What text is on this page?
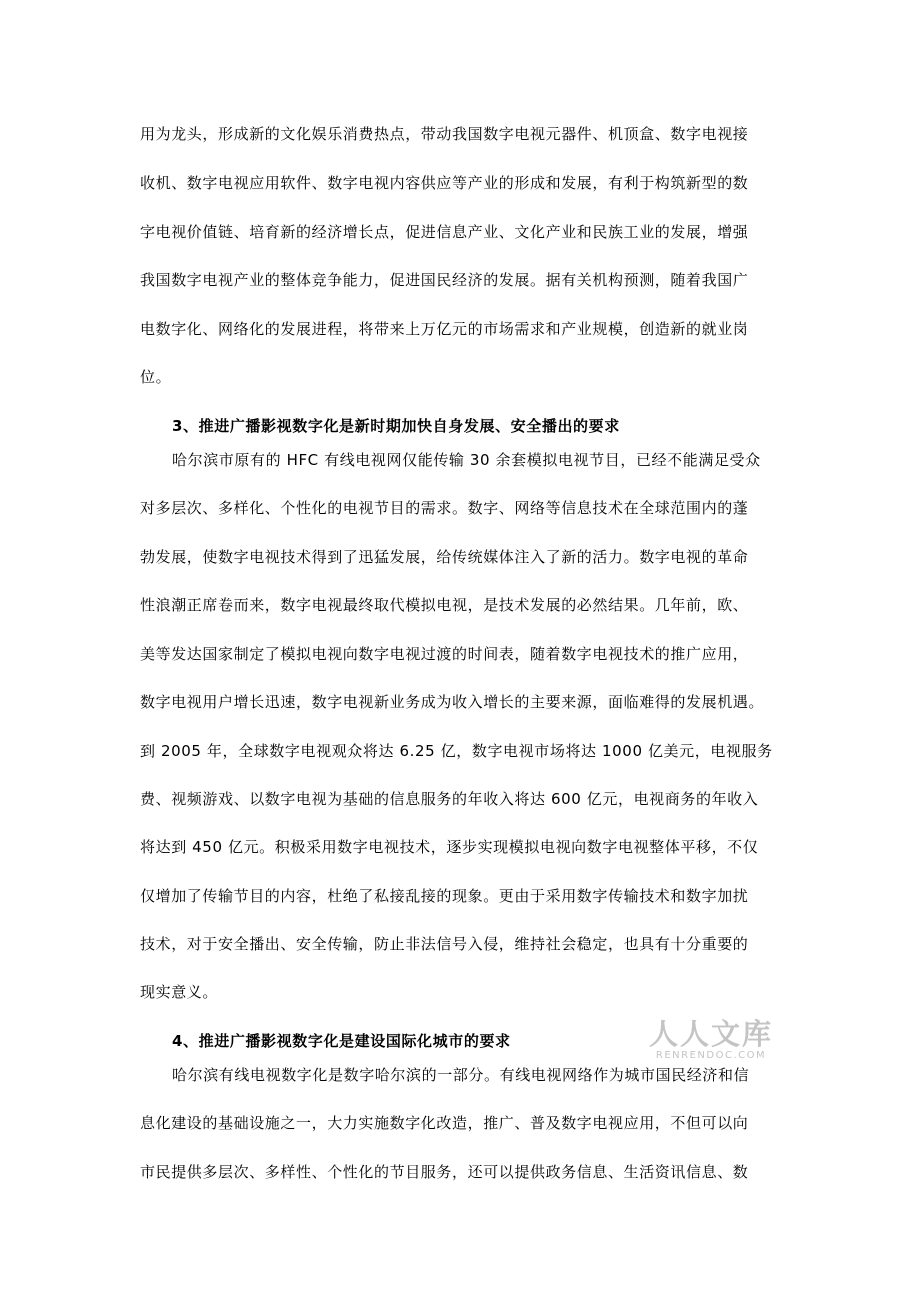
用为龙头，形成新的文化娱乐消费热点，带动我国数字电视元器件、机顶盒、数字电视接
收机、数字电视应用软件、数字电视内容供应等产业的形成和发展，有利于构筑新型的数
字电视价值链、培育新的经济增长点，促进信息产业、文化产业和民族工业的发展，增强
我国数字电视产业的整体竞争能力，促进国民经济的发展。据有关机构预测，随着我国广
电数字化、网络化的发展进程，将带来上万亿元的市场需求和产业规模，创造新的就业岗
位。
3、推进广播影视数字化是新时期加快自身发展、安全播出的要求
哈尔滨市原有的 HFC 有线电视网仅能传输 30 余套模拟电视节目，已经不能满足受众
对多层次、多样化、个性化的电视节目的需求。数字、网络等信息技术在全球范围内的蓬
勃发展，使数字电视技术得到了迅猛发展，给传统媒体注入了新的活力。数字电视的革命
性浪潮正席卷而来，数字电视最终取代模拟电视，是技术发展的必然结果。几年前，欧、
美等发达国家制定了模拟电视向数字电视过渡的时间表，随着数字电视技术的推广应用，
数字电视用户增长迅速，数字电视新业务成为收入增长的主要来源，面临难得的发展机遇。
到 2005 年，全球数字电视观众将达 6.25 亿，数字电视市场将达 1000 亿美元，电视服务
费、视频游戏、以数字电视为基础的信息服务的年收入将达 600 亿元，电视商务的年收入
将达到 450 亿元。积极采用数字电视技术，逐步实现模拟电视向数字电视整体平移，不仅
仅增加了传输节目的内容，杜绝了私接乱接的现象。更由于采用数字传输技术和数字加扰
技术，对于安全播出、安全传输，防止非法信号入侵，维持社会稳定，也具有十分重要的
现实意义。
4、推进广播影视数字化是建设国际化城市的要求
哈尔滨有线电视数字化是数字哈尔滨的一部分。有线电视网络作为城市国民经济和信
息化建设的基础设施之一，大力实施数字化改造，推广、普及数字电视应用，不但可以向
市民提供多层次、多样性、个性化的节目服务，还可以提供政务信息、生活资讯信息、数
人人文库
RENRENDOC.COM
